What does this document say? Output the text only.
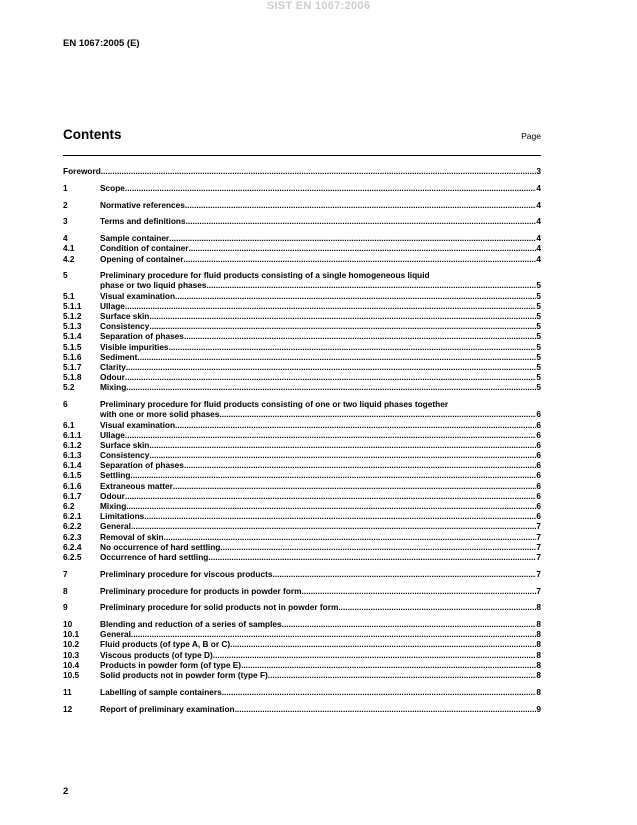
SIST EN 1067:2006
EN 1067:2005 (E)
Contents	Page
Foreword .....	3
1	Scope .....	4
2	Normative references .....	4
3	Terms and definitions .....	4
4	Sample container .....	4
4.1	Condition of container .....	4
4.2	Opening of container .....	4
5	Preliminary procedure for fluid products consisting of a single homogeneous liquid
phase or two liquid phases .....	5
5.1	Visual examination .....	5
5.1.1 Ullage .....	5
5.1.2 Surface skin .....	5
5.1.3 Consistency .....	5
5.1.4 Separation of phases .....	5
5.1.5 Visible impurities .....	5
5.1.6 Sediment .....	5
5.1.7 Clarity .....	5
5.1.8 Odour .....	5
5.2	Mixing .....	5
6	Preliminary procedure for fluid products consisting of one or two liquid phases together
with one or more solid phases .....	6
6.1	Visual examination .....	6
6.1.1 Ullage .....	6
6.1.2 Surface skin .....	6
6.1.3 Consistency .....	6
6.1.4 Separation of phases .....	6
6.1.5 Settling .....	6
6.1.6 Extraneous matter .....	6
6.1.7 Odour .....	6
6.2	Mixing .....	6
6.2.1 Limitations .....	6
6.2.2 General .....	7
6.2.3 Removal of skin .....	7
6.2.4 No occurrence of hard settling .....	7
6.2.5 Occurrence of hard settling .....	7
7	Preliminary procedure for viscous products .....	7
8	Preliminary procedure for products in powder form .....	7
9	Preliminary procedure for solid products not in powder form .....	8
10	Blending and reduction of a series of samples .....	8
10.1	General .....	8
10.2	Fluid products (of type A, B or C) .....	8
10.3	Viscous products (of type D) .....	8
10.4	Products in powder form (of type E) .....	8
10.5	Solid products not in powder form (type F) .....	8
11	Labelling of sample containers .....	8
12	Report of preliminary examination .....	9
2
